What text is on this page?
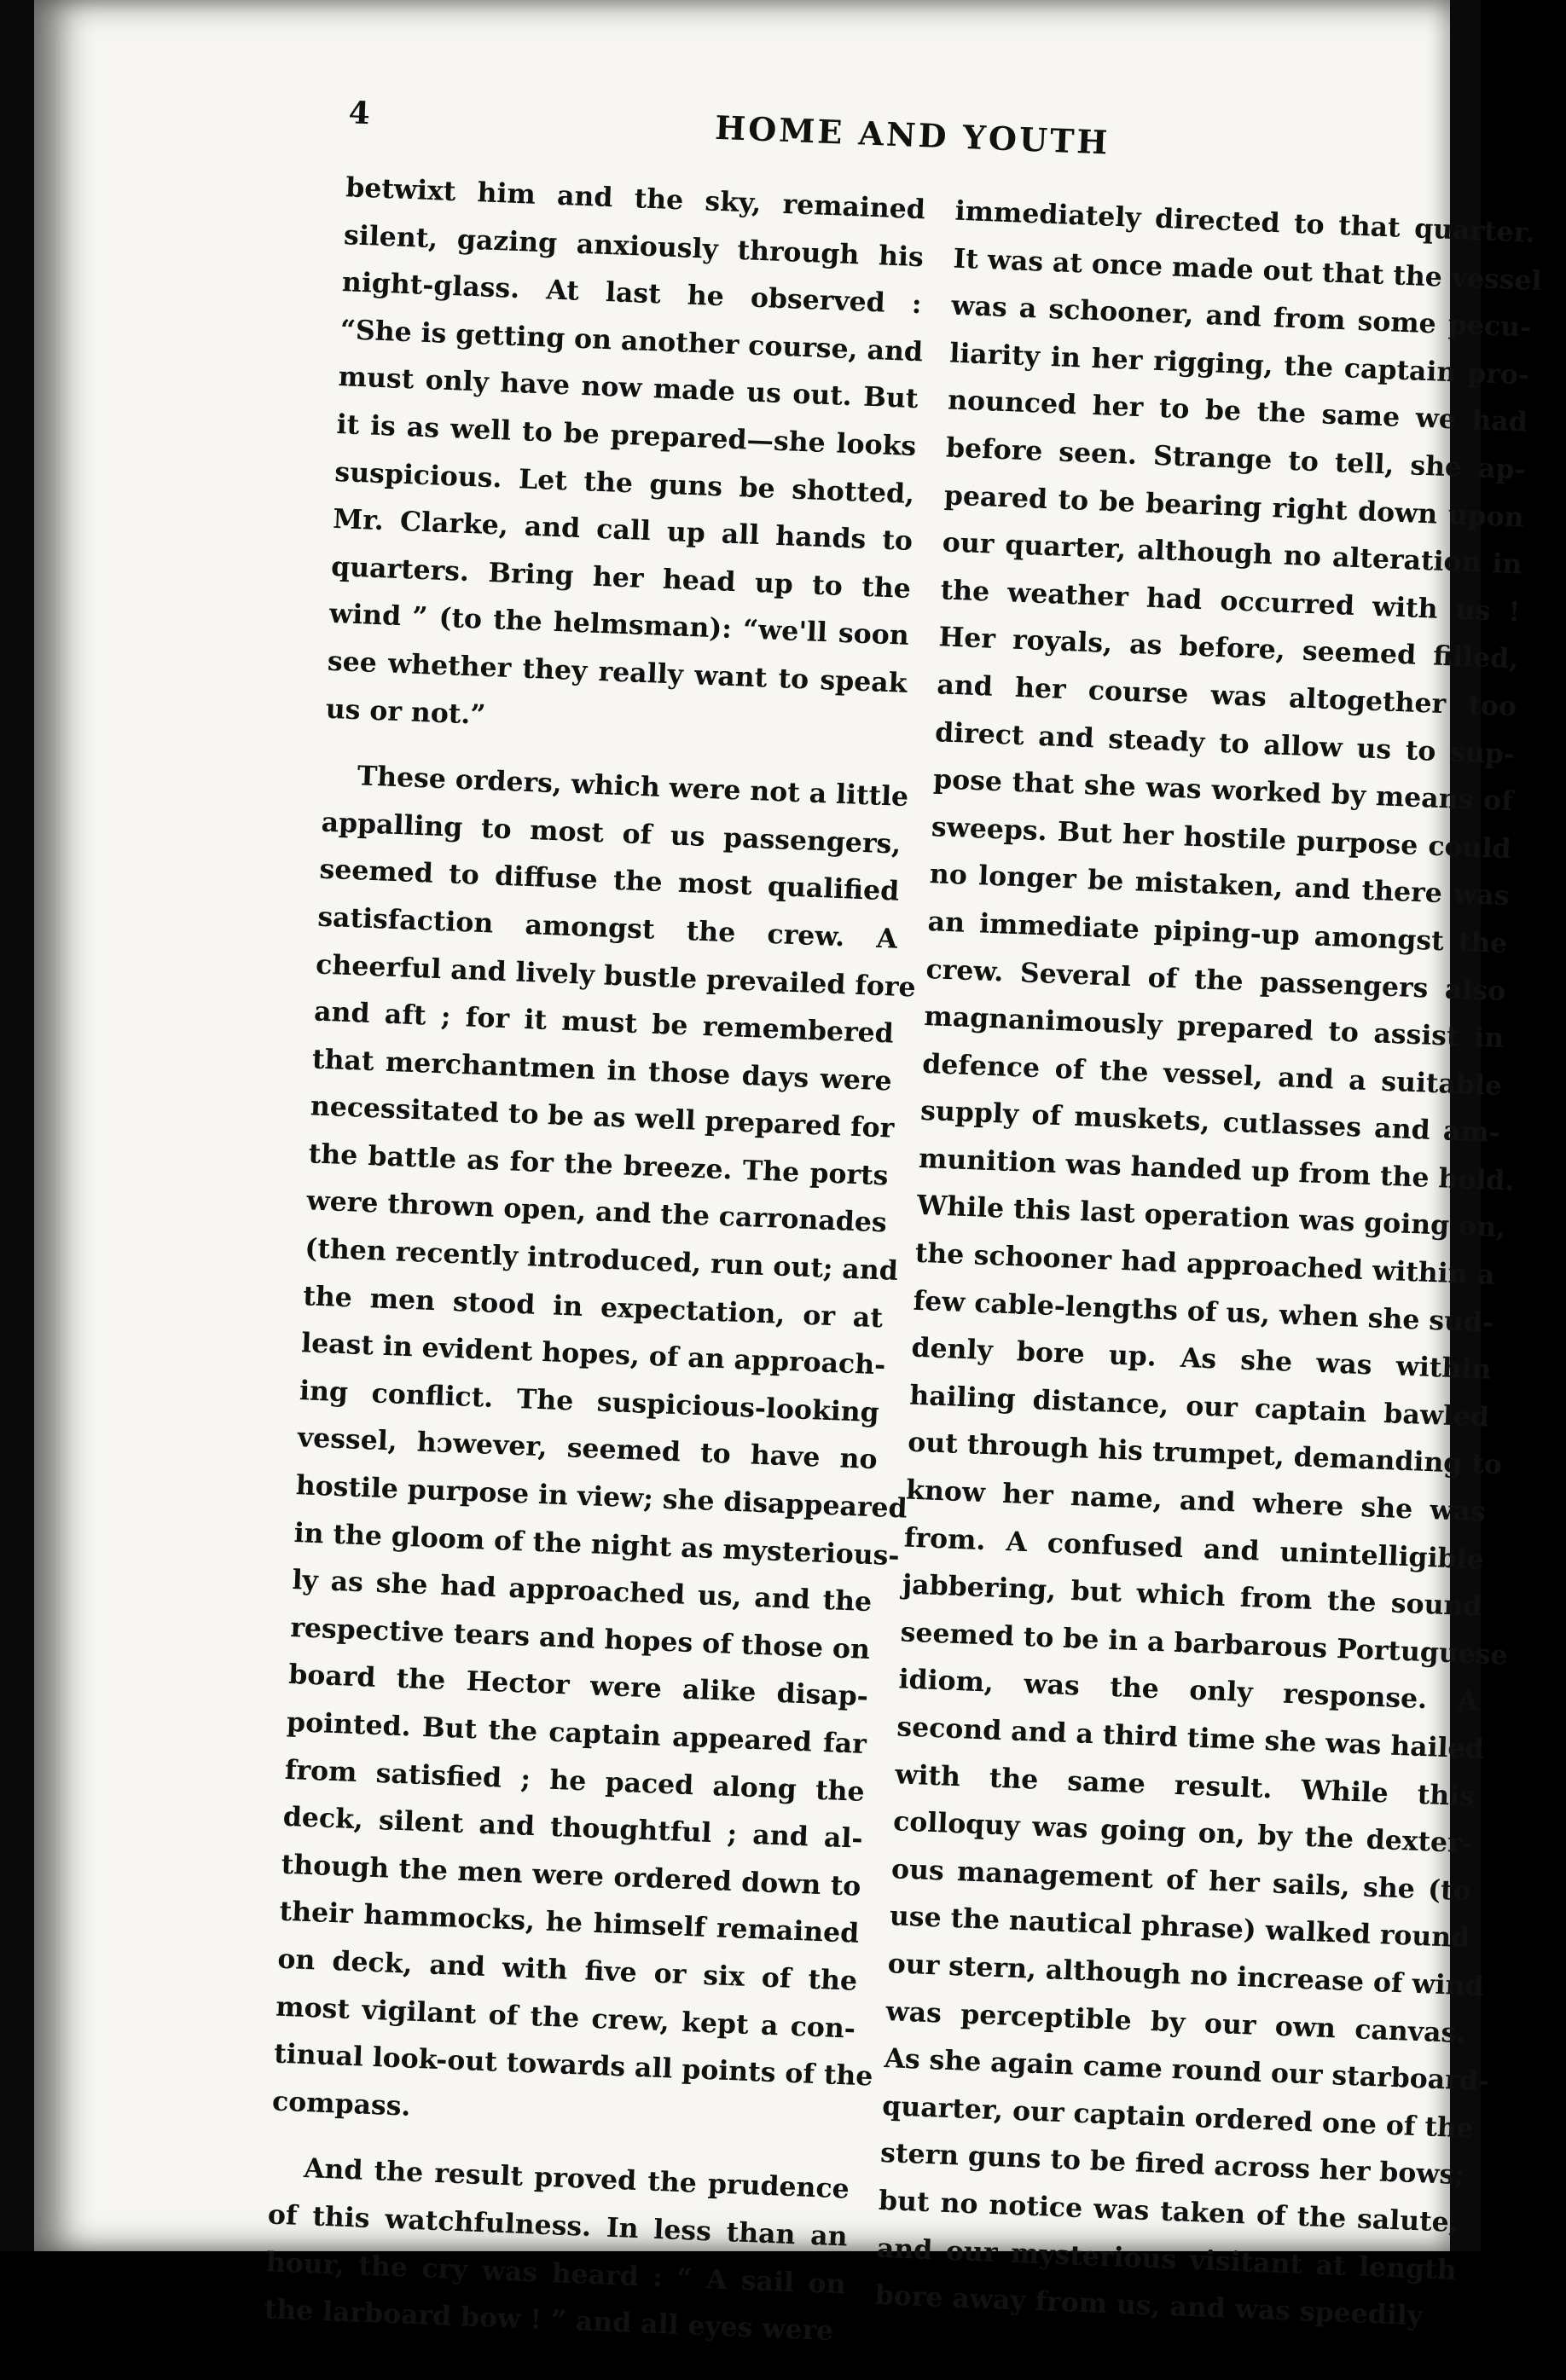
4	HOME AND YOUTH
betwixt him and the sky, remained
silent, gazing anxiously through his
night-glass. At last he observed :
“She is getting on another course, and
must only have now made us out. But
it is as well to be prepared—she looks
suspicious. Let the guns be shotted,
Mr. Clarke, and call up all hands to
quarters. Bring her head up to the
wind ” (to the helmsman): “we'll soon
see whether they really want to speak
us or not.”
These orders, which were not a little
appalling to most of us passengers,
seemed to diffuse the most qualified
satisfaction amongst the crew. A
cheerful and lively bustle prevailed fore
and aft ; for it must be remembered
that merchantmen in those days were
necessitated to be as well prepared for
the battle as for the breeze. The ports
were thrown open, and the carronades
(then recently introduced, run out; and
the men stood in expectation, or at
least in evident hopes, of an approach-
ing conflict. The suspicious-looking
vessel, hɔwever, seemed to have no
hostile purpose in view; she disappeared
in the gloom of the night as mysterious-
ly as she had approached us, and the
respective tears and hopes of those on
board the Hector were alike disap-
pointed. But the captain appeared far
from satisfied ; he paced along the
deck, silent and thoughtful ; and al-
though the men were ordered down to
their hammocks, he himself remained
on deck, and with five or six of the
most vigilant of the crew, kept a con-
tinual look-out towards all points of the
compass.
And the result proved the prudence
of this watchfulness. In less than an
hour, the cry was heard : “ A sail on
the larboard bow ! ” and all eyes were
immediately directed to that quarter.
It was at once made out that the vessel
was a schooner, and from some pecu-
liarity in her rigging, the captain pro-
nounced her to be the same we had
before seen. Strange to tell, she ap-
peared to be bearing right down upon
our quarter, although no alteration in
the weather had occurred with us !
Her royals, as before, seemed filled,
and her course was altogether too
direct and steady to allow us to sup-
pose that she was worked by means of
sweeps. But her hostile purpose could
no longer be mistaken, and there was
an immediate piping-up amongst the
crew. Several of the passengers also
magnanimously prepared to assist in
defence of the vessel, and a suitable
supply of muskets, cutlasses and am-
munition was handed up from the hold.
While this last operation was going on,
the schooner had approached within a
few cable-lengths of us, when she sud-
denly bore up. As she was within
hailing distance, our captain bawled
out through his trumpet, demanding to
know her name, and where she was
from. A confused and unintelligible
jabbering, but which from the sound
seemed to be in a barbarous Portuguese
idiom, was the only response. A
second and a third time she was hailed
with the same result. While this
colloquy was going on, by the dexter-
ous management of her sails, she (to
use the nautical phrase) walked round
our stern, although no increase of wind
was perceptible by our own canvas.
As she again came round our starboard-
quarter, our captain ordered one of the
stern guns to be fired across her bows;
but no notice was taken of the salute,
and our mysterious visitant at length
bore away from us, and was speedily
